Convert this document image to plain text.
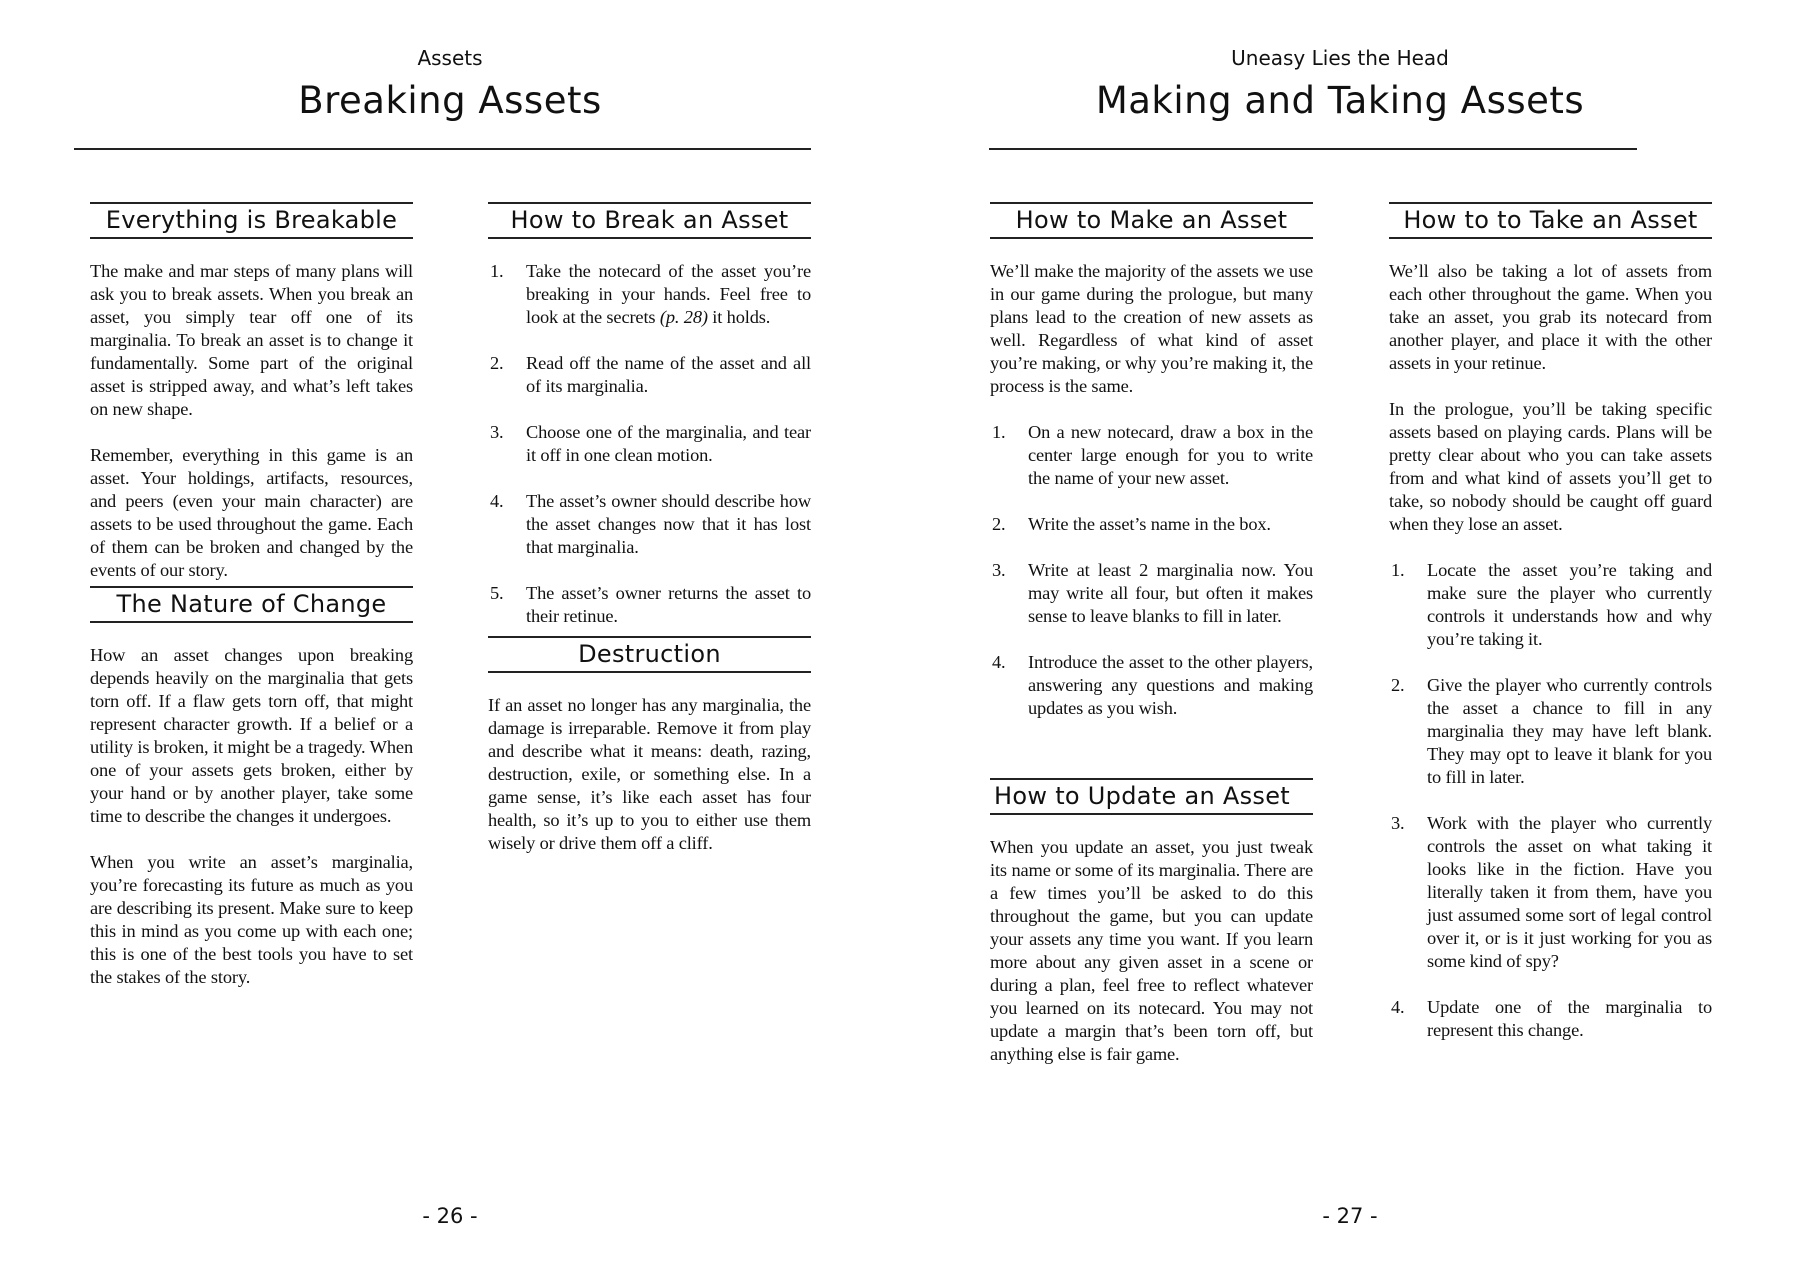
Assets
Breaking Assets
Everything is Breakable

The make and mar steps of many plans will ask you to break assets. When you break an asset, you simply tear off one of its marginalia. To break an asset is to change it fundamentally. Some part of the original asset is stripped away, and what’s left takes on new shape.

Remember, everything in this game is an asset. Your holdings, artifacts, resources, and peers (even your main character) are assets to be used throughout the game. Each of them can be broken and changed by the events of our story.

The Nature of Change

How an asset changes upon breaking depends heavily on the marginalia that gets torn off. If a flaw gets torn off, that might represent character growth. If a belief or a utility is broken, it might be a tragedy. When one of your assets gets broken, either by your hand or by another player, take some time to describe the changes it undergoes.

When you write an asset’s marginalia, you’re forecasting its future as much as you are describing its present. Make sure to keep this in mind as you come up with each one; this is one of the best tools you have to set the stakes of the story.

How to Break an Asset
1. Take the notecard of the asset you’re breaking in your hands. Feel free to look at the secrets (p. 28) it holds.
2. Read off the name of the asset and all of its marginalia.
3. Choose one of the marginalia, and tear it off in one clean motion.
4. The asset’s owner should describe how the asset changes now that it has lost that marginalia.
5. The asset’s owner returns the asset to their retinue.
Destruction

If an asset no longer has any marginalia, the damage is irreparable. Remove it from play and describe what it means: death, razing, destruction, exile, or something else. In a game sense, it’s like each asset has four health, so it’s up to you to either use them wisely or drive them off a cliff.

- 26 -
Uneasy Lies the Head
Making and Taking Assets
How to Make an Asset

We’ll make the majority of the assets we use in our game during the prologue, but many plans lead to the creation of new assets as well. Regardless of what kind of asset you’re making, or why you’re making it, the process is the same.

1. On a new notecard, draw a box in the center large enough for you to write the name of your new asset.
2. Write the asset’s name in the box.
3. Write at least 2 marginalia now. You may write all four, but often it makes sense to leave blanks to fill in later.
4. Introduce the asset to the other players, answering any questions and making updates as you wish.
How to Update an Asset

When you update an asset, you just tweak its name or some of its marginalia. There are a few times you’ll be asked to do this throughout the game, but you can update your assets any time you want. If you learn more about any given asset in a scene or during a plan, feel free to reflect whatever you learned on its notecard. You may not update a margin that’s been torn off, but anything else is fair game.

How to to Take an Asset

We’ll also be taking a lot of assets from each other throughout the game. When you take an asset, you grab its notecard from another player, and place it with the other assets in your retinue.

In the prologue, you’ll be taking specific assets based on playing cards. Plans will be pretty clear about who you can take assets from and what kind of assets you’ll get to take, so nobody should be caught off guard when they lose an asset.

1. Locate the asset you’re taking and make sure the player who currently controls it understands how and why you’re taking it.
2. Give the player who currently controls the asset a chance to fill in any marginalia they may have left blank. They may opt to leave it blank for you to fill in later.
3. Work with the player who currently controls the asset on what taking it looks like in the fiction. Have you literally taken it from them, have you just assumed some sort of legal control over it, or is it just working for you as some kind of spy?
4. Update one of the marginalia to represent this change.
- 27 -
